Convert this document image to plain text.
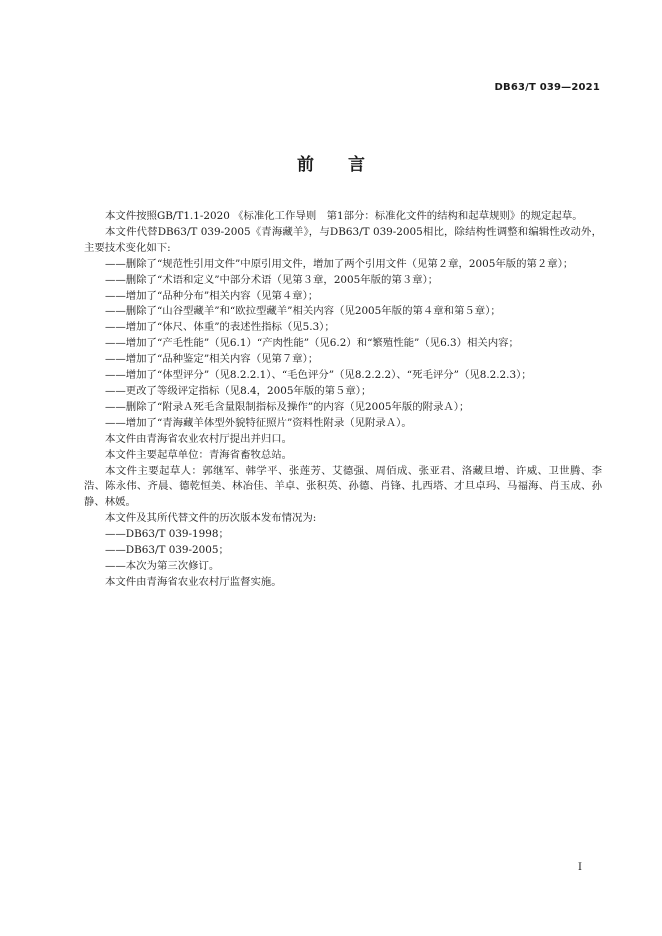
DB63/T 039—2021
前言

本文件按照GB/T1.1-2020 《标准化工作导则　第1部分：标准化文件的结构和起草规则》的规定起草。

本文件代替DB63/T 039-2005《青海藏羊》，与DB63/T 039-2005相比，除结构性调整和编辑性改动外，主要技术变化如下:

——删除了“规范性引用文件”中原引用文件，增加了两个引用文件（见第２章，2005年版的第２章）；

——删除了“术语和定义”中部分术语（见第３章，2005年版的第３章）；

——增加了“品种分布”相关内容（见第４章）；

——删除了“山谷型藏羊”和“欧拉型藏羊”相关内容（见2005年版的第４章和第５章）；

——增加了“体尺、体重”的表述性指标（见5.3）；

——增加了“产毛性能”（见6.1）“产肉性能”（见6.2）和“繁殖性能”（见6.3）相关内容；

——增加了“品种鉴定”相关内容（见第７章）；

——增加了“体型评分”（见8.2.2.1）、“毛色评分”（见8.2.2.2）、“死毛评分”（见8.2.2.3）；

——更改了等级评定指标（见8.4，2005年版的第５章）；

——删除了“附录Ａ死毛含量限制指标及操作”的内容（见2005年版的附录Ａ）；

——增加了“青海藏羊体型外貌特征照片”资料性附录（见附录Ａ）。

本文件由青海省农业农村厅提出并归口。

本文件主要起草单位：青海省畜牧总站。

本文件主要起草人：郭继军、韩学平、张莲芳、艾德强、周佰成、张亚君、洛藏旦增、许威、卫世腾、李浩、陈永伟、齐晨、德乾恒美、林冶佳、羊卓、张积英、孙德、肖锋、扎西塔、才旦卓玛、马福海、肖玉成、孙静、林媛。

本文件及其所代替文件的历次版本发布情况为:

——DB63/T 039-1998；

——DB63/T 039-2005；

——本次为第三次修订。

本文件由青海省农业农村厅监督实施。

I
